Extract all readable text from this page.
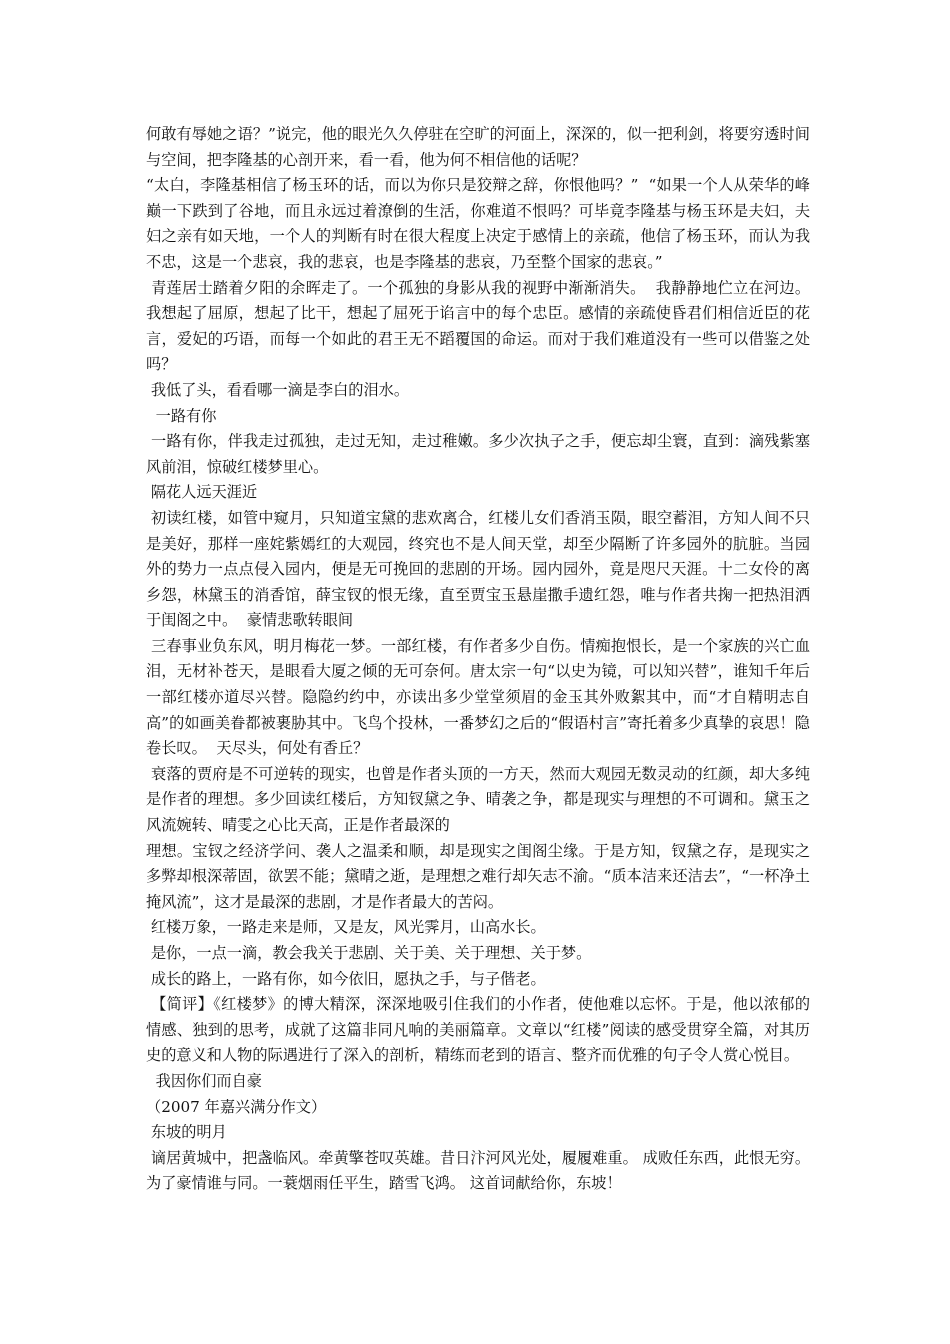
何敢有辱她之语？”说完，他的眼光久久停驻在空旷的河面上，深深的，似一把利剑，将要穷透时间与空间，把李隆基的心剖开来，看一看，他为何不相信他的话呢？

“太白，李隆基相信了杨玉环的话，而以为你只是狡辩之辞，你恨他吗？”  “如果一个人从荣华的峰巅一下跌到了谷地，而且永远过着潦倒的生活，你难道不恨吗？可毕竟李隆基与杨玉环是夫妇，夫妇之亲有如天地，一个人的判断有时在很大程度上决定于感情上的亲疏，他信了杨玉环，而认为我不忠，这是一个悲哀，我的悲哀，也是李隆基的悲哀，乃至整个国家的悲哀。”

青莲居士踏着夕阳的余晖走了。一个孤独的身影从我的视野中渐渐消失。  我静静地伫立在河边。我想起了屈原，想起了比干，想起了屈死于谄言中的每个忠臣。感情的亲疏使昏君们相信近臣的花言，爱妃的巧语，而每一个如此的君王无不蹈覆国的命运。而对于我们难道没有一些可以借鉴之处吗？

我低了头，看看哪一滴是李白的泪水。

一路有你

一路有你，伴我走过孤独，走过无知，走过稚嫩。多少次执子之手，便忘却尘寰，直到：滴残紫塞风前泪，惊破红楼梦里心。

隔花人远天涯近

初读红楼，如管中窥月，只知道宝黛的悲欢离合，红楼儿女们香消玉陨，眼空蓄泪，方知人间不只是美好，那样一座姹紫嫣红的大观园，终究也不是人间天堂，却至少隔断了许多园外的肮脏。当园外的势力一点点侵入园内，便是无可挽回的悲剧的开场。园内园外，竟是咫尺天涯。十二女伶的离乡怨，林黛玉的消香馆，薛宝钗的恨无缘，直至贾宝玉悬崖撒手遗红怨，唯与作者共掬一把热泪洒于闺阁之中。  豪情悲歌转眼间

三春事业负东风，明月梅花一梦。一部红楼，有作者多少自伤。情痴抱恨长，是一个家族的兴亡血泪，无材补苍天，是眼看大厦之倾的无可奈何。唐太宗一句“以史为镜，可以知兴替”，谁知千年后一部红楼亦道尽兴替。隐隐约约中，亦读出多少堂堂须眉的金玉其外败絮其中，而“才自精明志自高”的如画美眷都被裹胁其中。飞鸟个投林，一番梦幻之后的“假语村言”寄托着多少真挚的哀思！隐卷长叹。  天尽头，何处有香丘？

衰落的贾府是不可逆转的现实，也曾是作者头顶的一方天，然而大观园无数灵动的红颜，却大多纯是作者的理想。多少回读红楼后，方知钗黛之争、晴袭之争，都是现实与理想的不可调和。黛玉之风流婉转、晴雯之心比天高，正是作者最深的

理想。宝钗之经济学问、袭人之温柔和顺，却是现实之闺阁尘缘。于是方知，钗黛之存，是现实之多弊却根深蒂固，欲罢不能；黛晴之逝，是理想之难行却矢志不渝。“质本洁来还洁去”，“一杯净土掩风流”，这才是最深的悲剧，才是作者最大的苦闷。

红楼万象，一路走来是师，又是友，风光霁月，山高水长。

是你，一点一滴，教会我关于悲剧、关于美、关于理想、关于梦。

成长的路上，一路有你，如今依旧，愿执之手，与子偕老。

【简评】《红楼梦》的博大精深，深深地吸引住我们的小作者，使他难以忘怀。于是，他以浓郁的情感、独到的思考，成就了这篇非同凡响的美丽篇章。文章以“红楼”阅读的感受贯穿全篇，对其历史的意义和人物的际遇进行了深入的剖析，精练而老到的语言、整齐而优雅的句子令人赏心悦目。

我因你们而自豪

（2007 年嘉兴满分作文）

东坡的明月

谪居黄城中，把盏临风。牵黄擎苍叹英雄。昔日汴河风光处，履履难重。 成败任东西，此恨无穷。为了豪情谁与同。一蓑烟雨任平生，踏雪飞鸿。 这首词献给你，东坡！
